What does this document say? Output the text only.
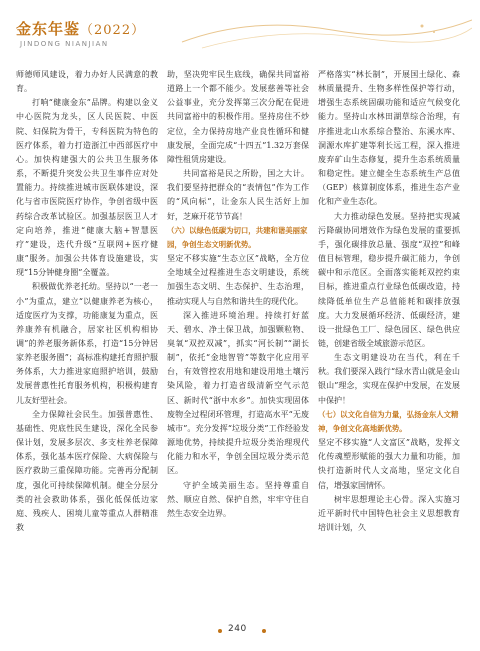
金东年鉴（2022）
JINDONG NIANJIAN

师德师风建设，着力办好人民满意的教育。

打响“健康金东”品牌。构建以金义中心医院为龙头，区人民医院、中医院、妇保院为骨干，专科医院为特色的医疗体系，着力打造浙江中西部医疗中心。加快构建强大的公共卫生服务体系，不断提升突发公共卫生事件应对处置能力。持续推进城市医联体建设，深化与省市医院医疗协作，争创省级中医药综合改革试验区。加强基层医卫人才定向培养，推进“健康大脑+智慧医疗”建设，迭代升级“互联网+医疗健康”服务。加强公共体育设施建设，实现“15分钟健身圈”全覆盖。

积极做优养老托幼。坚持以“一老一小”为重点，建立“以健康养老为核心，适度医疗为支撑，功能康复为重点，医养康养有机融合，居家社区机构相协调”的养老服务新体系，打造“15分钟居家养老服务圈”；高标准构建托育照护服务体系，大力推进家庭照护培训，鼓励发展普惠性托育服务机构，积极构建育儿友好型社会。

全力保障社会民生。加强普惠性、基础性、兜底性民生建设，深化全民参保计划，发展多层次、多支柱养老保障体系，强化基本医疗保险、大病保险与医疗救助三重保障功能。完善再分配制度，强化可持续保障机制。健全分层分类的社会救助体系，强化低保低边家庭、残疾人、困境儿童等重点人群精准救

助，坚决兜牢民生底线，确保共同富裕道路上一个都不能少。发展慈善等社会公益事业，充分发挥第三次分配在促进共同富裕中的积极作用。坚持房住不炒定位，全力保持房地产业良性循环和健康发展，全面完成“十四五”1.32万套保障性租赁房建设。

共同富裕是民之所盼，国之大计。我们要坚持把群众的“表情包”作为工作的“风向标”，让金东人民生活好上加好，芝麻开花节节高！

（六）以绿色低碳为切口，共建和谐美丽家园，争创生态文明新优势。

坚定不移实施“生态立区”战略，全方位全地域全过程推进生态文明建设，系统加强生态文明、生态保护、生态治理，推动实现人与自然和谐共生的现代化。

深入推进环境治理。持续打好蓝天、碧水、净土保卫战，加强颗粒物、臭氧“双控双减”，抓实“河长制”“湖长制”，依托“金地智管”等数字化应用平台，有效管控农用地和建设用地土壤污染风险，着力打造省级清新空气示范区、新时代“浙中水乡”。加快实现固体废物全过程闭环管理，打造高水平“无废城市”。充分发挥“垃圾分类”工作经验发源地优势，持续提升垃圾分类治理现代化能力和水平，争创全国垃圾分类示范区。

守护全域美丽生态。坚持尊重自然、顺应自然、保护自然，牢牢守住自然生态安全边界。

严格落实“林长制”，开展国土绿化、森林质量提升、生物多样性保护等行动，增强生态系统固碳功能和适应气候变化能力。坚持山水林田湖草综合治理，有序推进北山水系综合整治、东溪水库、洞源水库扩建等利长远工程，深入推进废弃矿山生态修复，提升生态系统质量和稳定性。建立健全生态系统生产总值（GEP）核算制度体系，推进生态产业化和产业生态化。

大力推动绿色发展。坚持把实现减污降碳协同增效作为绿色发展的重要抓手，强化碳排放总量、强度“双控”和峰值目标管理，稳步提升碳汇能力，争创碳中和示范区。全面落实能耗双控约束目标，推进重点行业绿色低碳改造，持续降低单位生产总值能耗和碳排放强度。大力发展循环经济、低碳经济，建设一批绿色工厂、绿色园区、绿色供应链，创建省级全域旅游示范区。

生态文明建设功在当代，利在千秋。我们要深入践行“绿水青山就是金山银山”理念，实现在保护中发展，在发展中保护！

（七）以文化自信为力量，弘扬金东人文精神，争创文化高地新优势。

坚定不移实施“人文富区”战略，发挥文化传魂塑形赋能的强大力量和功能，加快打造新时代人文高地，坚定文化自信，增强家国情怀。

树牢思想理论主心骨。深入实施习近平新时代中国特色社会主义思想教育培训计划，久

240
